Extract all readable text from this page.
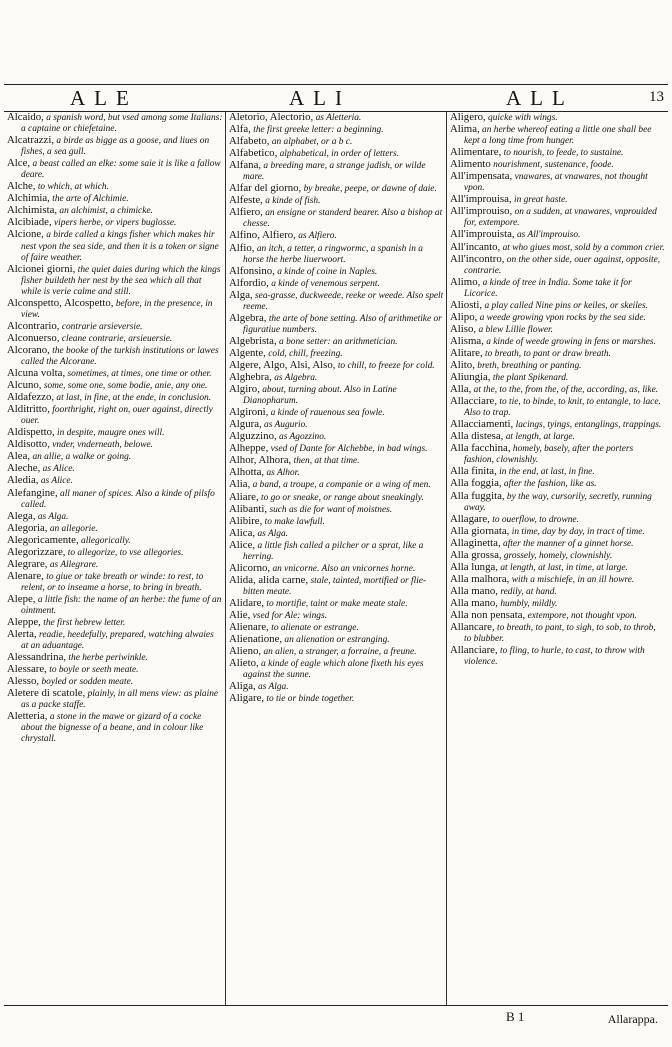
ALE	ALI	ALL	13

Alcaido, a spanish word, but vsed among some Italians: a captaine or chiefetaine.

Alcatrazzi, a birde as bigge as a goose, and liues on fishes, a sea gull.

Alce, a beast called an elke: some saie it is like a fallow deare.

Alche, to which, at which.

Alchimia, the arte of Alchimie.

Alchimista, an alchimist, a chimicke.

Alcibiade, vipers herbe, or vipers buglosse.

Alcione, a birde called a kings fisher which makes hir nest vpon the sea side, and then it is a token or signe of faire weather.

Alcionei giorni, the quiet daies during which the kings fisher buildeth her nest by the sea which all that while is verie calme and still.

Alconspetto, Alcospetto, before, in the presence, in view.

Alcontrario, contrarie arsieversie.

Alconuerso, cleane contrarie, arsieuersie.

Alcorano, the booke of the turkish institutions or lawes called the Alcorane.

Alcuna volta, sometimes, at times, one time or other.

Alcuno, some, some one, some bodie, anie, any one.

Aldafezzo, at last, in fine, at the ende, in conclusion.

Alditritto, foorthright, right on, ouer against, directly ouer.

Aldispetto, in despite, maugre ones will.

Aldisotto, vnder, vnderneath, belowe.

Alea, an allie, a walke or going.

Aleche, as Alice.

Aledia, as Alice.

Alefangine, all maner of spices. Also a kinde of pilsfo called.

Alega, as Alga.

Alegoria, an allegorie.

Alegoricamente, allegorically.

Alegorizzare, to allegorize, to vse allegories.

Alegrare, as Allegrare.

Alenare, to giue or take breath or winde: to rest, to relent, or to inseame a horse, to bring in breath.

Alepe, a little fish: the name of an herbe: the fume of an ointment.

Aleppe, the first hebrew letter.

Alerta, readie, heedefully, prepared, watching alwaies at an aduantage.

Alessandrina, the herbe periwinkle.

Alessare, to boyle or seeth meate.

Alesso, boyled or sodden meate.

Aletere di scatole, plainly, in all mens view: as plaine as a packe staffe.

Aletteria, a stone in the mawe or gizard of a cocke about the bignesse of a beane, and in colour like chrystall.

Aletorio, Alectorio, as Aletteria.

Alfa, the first greeke letter: a beginning.

Alfabeto, an alphabet, or a b c.

Alfabetico, alphabetical, in order of letters.

Alfana, a breeding mare, a strange jadish, or wilde mare.

Alfar del giorno, by breake, peepe, or dawne of daie.

Alfeste, a kinde of fish.

Alfiero, an ensigne or standerd bearer. Also a bishop at chesse.

Alfino, Alfiero, as Alfiero.

Alfio, an itch, a tetter, a ringwormc, a spanish in a horse the herbe liuerwoort.

Alfonsino, a kinde of coine in Naples.

Alfordio, a kinde of venemous serpent.

Alga, sea-grasse, duckweede, reeke or weede. Also spelt reeme.

Algebra, the arte of bone setting. Also of arithmetike or figuratiue numbers.

Algebrista, a bone setter: an arithmetician.

Algente, cold, chill, freezing.

Algere, Algo, Alsi, Also, to chill, to freeze for cold.

Alghebra, as Algebra.

Algiro, about, turning about. Also in Latine Dianopharum.

Algironi, a kinde of rauenous sea fowle.

Algura, as Augurio.

Alguzzino, as Agozzino.

Alheppe, vsed of Dante for Alchebbe, in bad wings.

Alhor, Alhora, then, at that time.

Alhotta, as Alhor.

Alia, a band, a troupe, a companie or a wing of men.

Aliare, to go or sneake, or range about sneakingly.

Alibanti, such as die for want of moistnes.

Alibire, to make lawfull.

Alica, as Alga.

Alice, a little fish called a pilcher or a sprat, like a herring.

Alicorno, an vnicorne. Also an vnicornes horne.

Alida, alida carne, stale, tainted, mortified or flie-bitten meate.

Alidare, to mortifie, taint or make meate stale.

Alie, vsed for Ale: wings.

Alienare, to alienate or estrange.

Alienatione, an alienation or estranging.

Alieno, an alien, a stranger, a forraine, a freune.

Alieto, a kinde of eagle which alone fixeth his eyes against the sunne.

Aliga, as Alga.

Aligare, to tie or binde together.

Aligero, quicke with wings.

Alima, an herbe whereof eating a little one shall bee kept a long time from hunger.

Alimentare, to nourish, to feede, to sustaine.

Alimento nourishment, sustenance, foode.

All'impensata, vnawares, at vnawares, not thought vpon.

All'improuisa, in great haste.

All'improuiso, on a sudden, at vnawares, vnprouided for, extempore.

All'improuista, as All'improuiso.

All'incanto, at who giues most, sold by a common crier.

All'incontro, on the other side, ouer against, opposite, contrarie.

Alimo, a kinde of tree in India. Some take it for Licorice.

Aliosti, a play called Nine pins or keiles, or skeiles.

Alipo, a weede growing vpon rocks by the sea side.

Aliso, a blew Lillie flower.

Alisma, a kinde of weede growing in fens or marshes.

Alitare, to breath, to pant or draw breath.

Alito, breth, breathing or panting.

Aliungia, the plant Spikenard.

Alla, at the, to the, from the, of the, according, as, like.

Allacciare, to tie, to binde, to knit, to entangle, to lace. Also to trap.

Allacciamenti, lacings, tyings, entanglings, trappings.

Alla distesa, at length, at large.

Alla facchina, homely, basely, after the porters fashion, clownishly.

Alla finita, in the end, at last, in fine.

Alla foggia, after the fashion, like as.

Alla fuggita, by the way, cursorily, secretly, running away.

Allagare, to ouerflow, to drowne.

Alla giornata, in time, day by day, in tract of time.

Allaginetta, after the manner of a ginnet horse.

Alla grossa, grossely, homely, clownishly.

Alla lunga, at length, at last, in time, at large.

Alla malhora, with a mischiefe, in an ill howre.

Alla mano, redily, at hand.

Alla mano, humbly, mildly.

Alla non pensata, extempore, not thought vpon.

Allancare, to breath, to pant, to sigh, to sob, to throb, to blubber.

Allanciare, to fling, to hurle, to cast, to throw with violence.

B 1	Allarappa.
